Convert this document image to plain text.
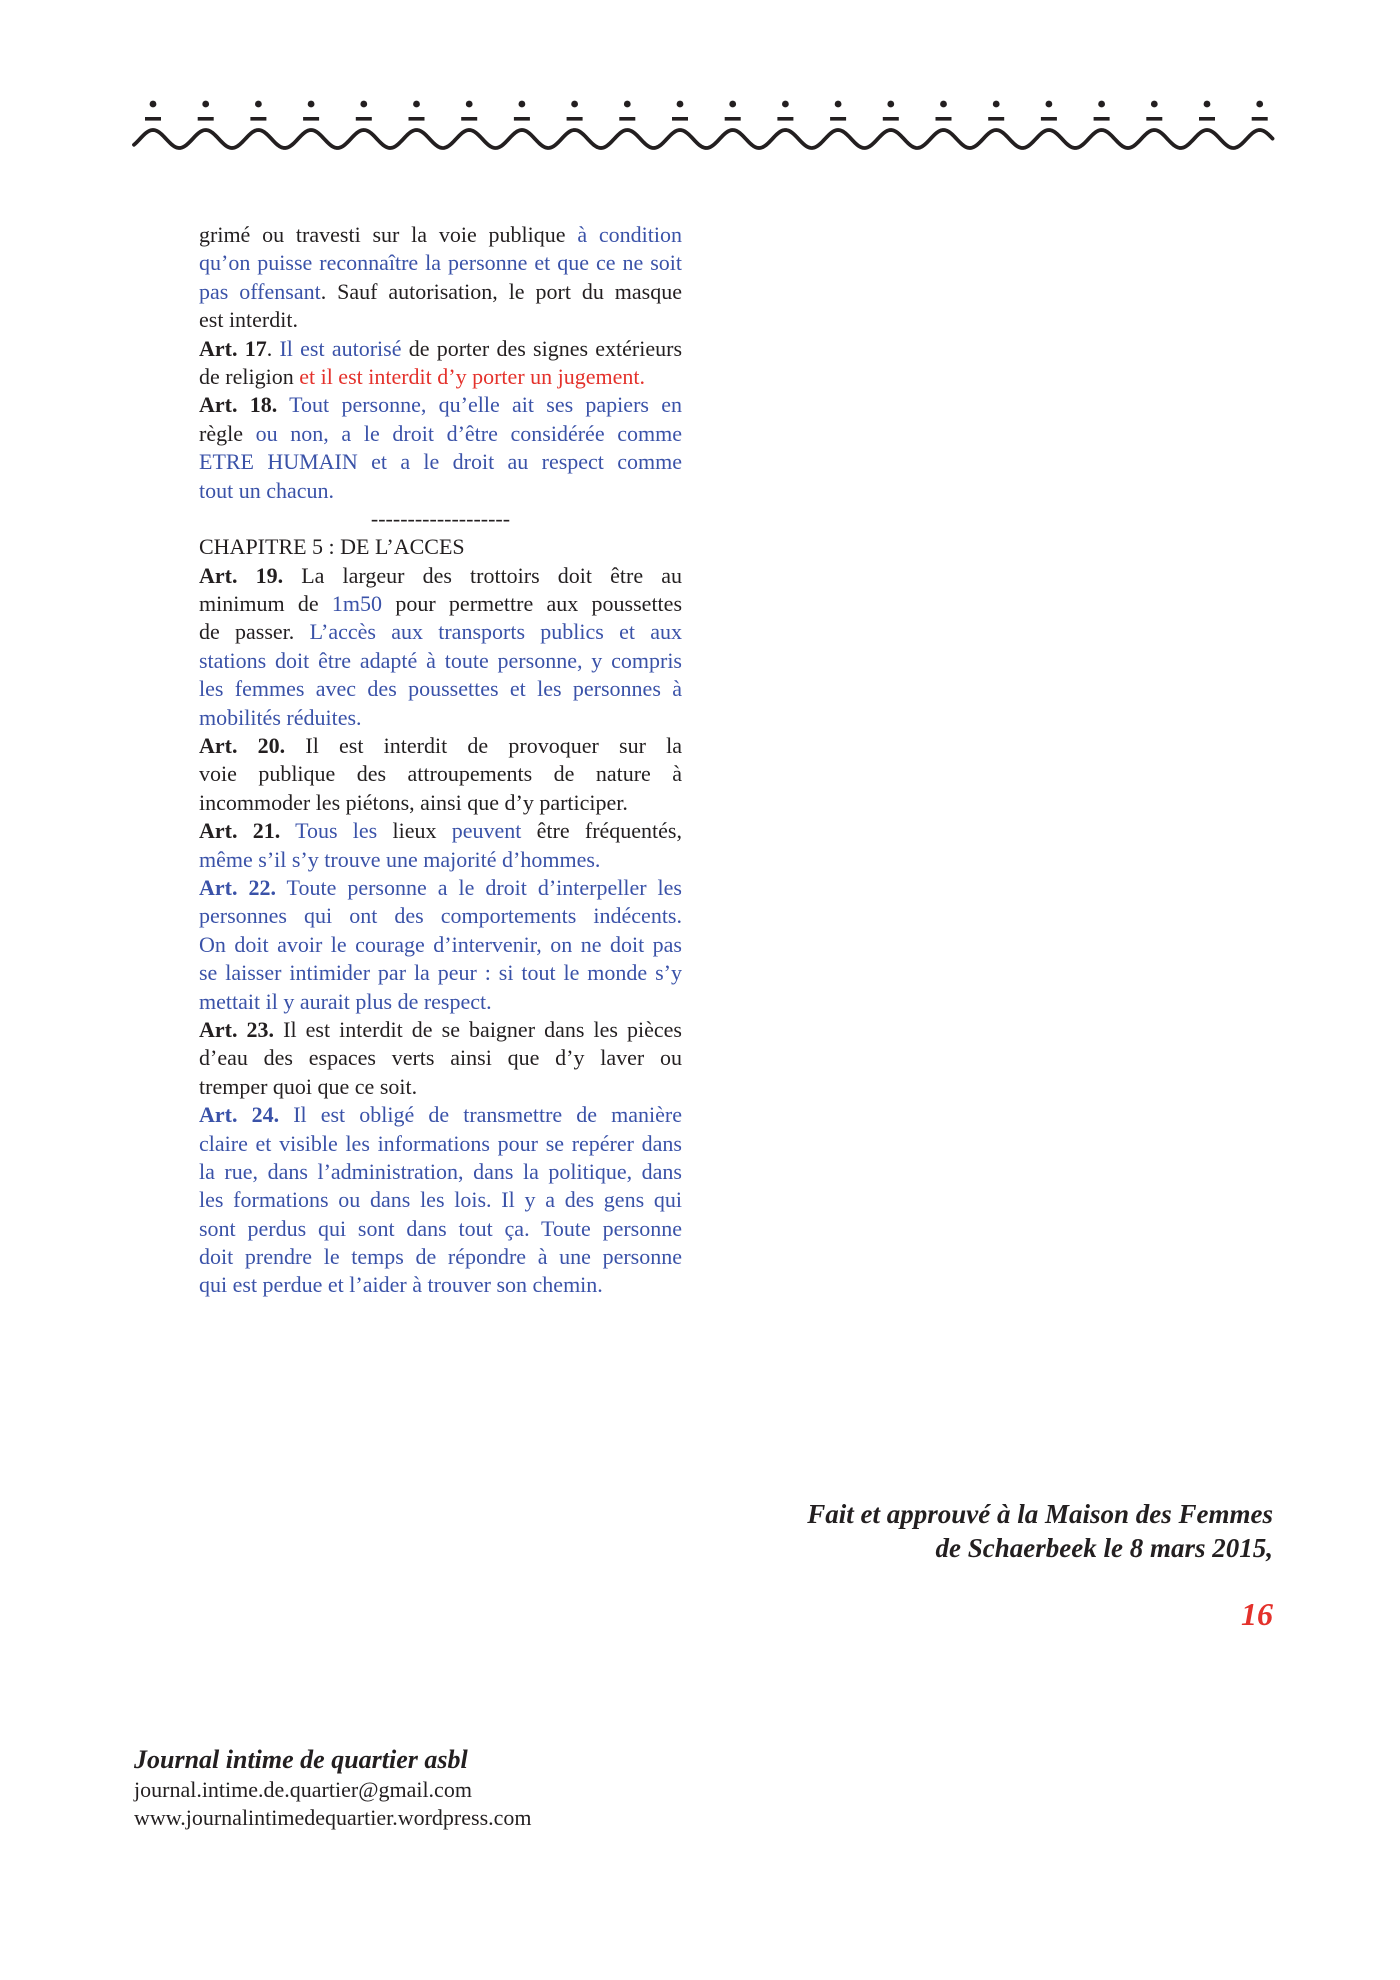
grimé ou travesti sur la voie publique à condition
qu’on puisse reconnaître la personne et que ce ne soit
pas offensant. Sauf autorisation, le port du masque
est interdit.
Art. 17. Il est autorisé de porter des signes extérieurs
de religion et il est interdit d’y porter un jugement.
Art. 18. Tout personne, qu’elle ait ses papiers en
règle ou non, a le droit d’être considérée comme
ETRE HUMAIN et a le droit au respect comme
tout un chacun.
-------------------
CHAPITRE 5 : DE L’ACCES
Art. 19. La largeur des trottoirs doit être au
minimum de 1m50 pour permettre aux poussettes
de passer. L’accès aux transports publics et aux
stations doit être adapté à toute personne, y compris
les femmes avec des poussettes et les personnes à
mobilités réduites.
Art. 20. Il est interdit de provoquer sur la
voie publique des attroupements de nature à
incommoder les piétons, ainsi que d’y participer.
Art. 21. Tous les lieux peuvent être fréquentés,
même s’il s’y trouve une majorité d’hommes.
Art. 22. Toute personne a le droit d’interpeller les
personnes qui ont des comportements indécents.
On doit avoir le courage d’intervenir, on ne doit pas
se laisser intimider par la peur : si tout le monde s’y
mettait il y aurait plus de respect.
Art. 23. Il est interdit de se baigner dans les pièces
d’eau des espaces verts ainsi que d’y laver ou
tremper quoi que ce soit.
Art. 24. Il est obligé de transmettre de manière
claire et visible les informations pour se repérer dans
la rue, dans l’administration, dans la politique, dans
les formations ou dans les lois. Il y a des gens qui
sont perdus qui sont dans tout ça. Toute personne
doit prendre le temps de répondre à une personne
qui est perdue et l’aider à trouver son chemin.
Fait et approuvé à la Maison des Femmes
de Schaerbeek le 8 mars 2015,
16
Journal intime de quartier asbl
journal.intime.de.quartier@gmail.com
www.journalintimedequartier.wordpress.com
